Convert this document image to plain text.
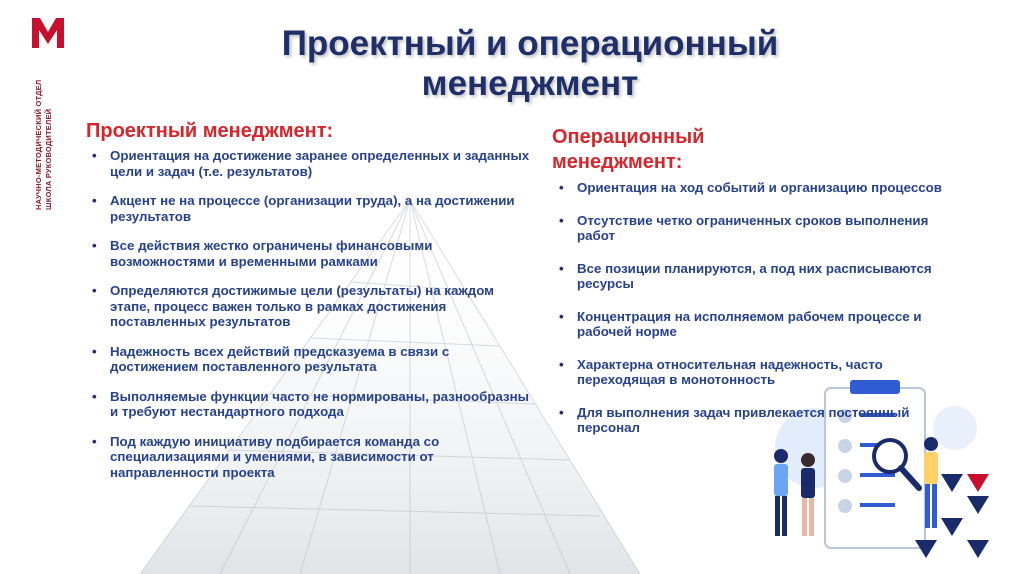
НАУЧНО-МЕТОДИЧЕСКИЙ ОТДЕЛ ШКОЛА РУКОВОДИТЕЛЕЙ
Проектный и операционный
менеджмент
Проектный менеджмент:
• Ориентация на достижение заранее определенных и заданных цели и задач (т.е. результатов)
• Акцент не на процессе (организации труда), а на достижении результатов
• Все действия жестко ограничены финансовыми возможностями и временными рамками
• Определяются достижимые цели (результаты) на каждом этапе, процесс важен только в рамках достижения поставленных результатов
• Надежность всех действий предсказуема в связи с достижением поставленного результата
• Выполняемые функции часто не нормированы, разнообразны и требуют нестандартного подхода
• Под каждую инициативу подбирается команда со специализациями и умениями, в зависимости от направленности проекта
Операционный
менеджмент:
• Ориентация на ход событий и организацию процессов
• Отсутствие четко ограниченных сроков выполнения работ
• Все позиции планируются, а под них расписываются ресурсы
• Концентрация на исполняемом рабочем процессе и рабочей норме
• Характерна относительная надежность, часто переходящая в монотонность
• Для выполнения задач привлекается постоянный персонал
